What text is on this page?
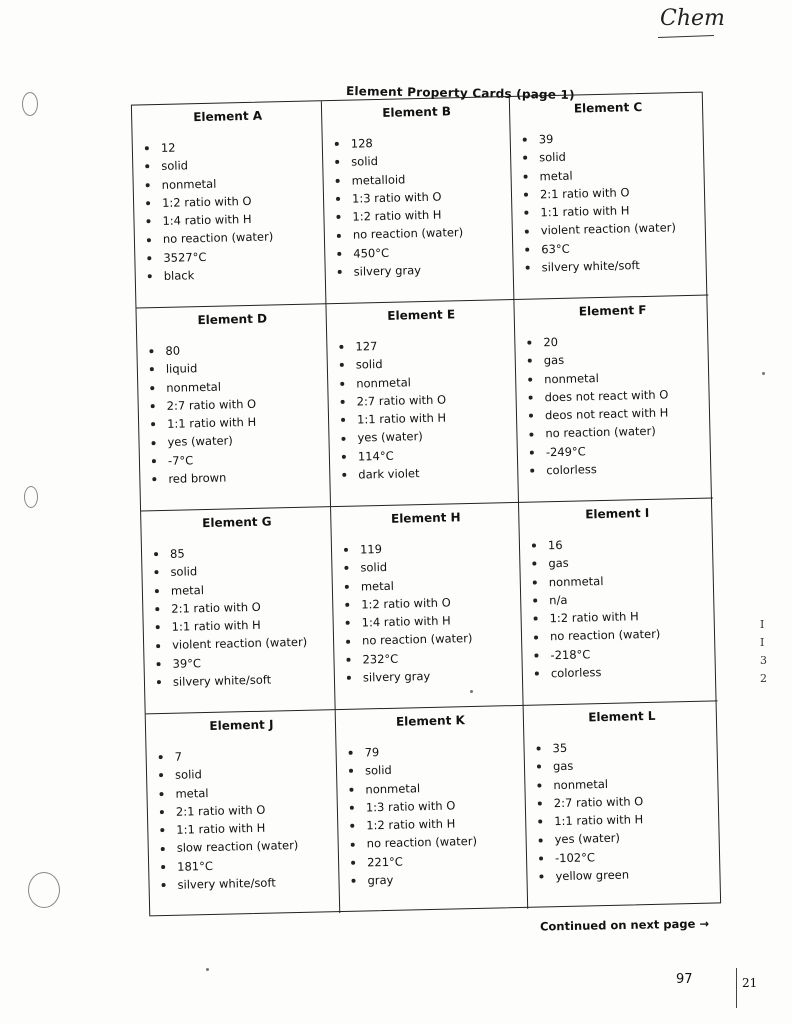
Chem
Element Property Cards (page 1)
Element A
12
solid
nonmetal
1:2 ratio with O
1:4 ratio with H
no reaction (water)
3527°C
black
Element B
128
solid
metalloid
1:3 ratio with O
1:2 ratio with H
no reaction (water)
450°C
silvery gray
Element C
39
solid
metal
2:1 ratio with O
1:1 ratio with H
violent reaction (water)
63°C
silvery white/soft
Element D
80
liquid
nonmetal
2:7 ratio with O
1:1 ratio with H
yes (water)
-7°C
red brown
Element E
127
solid
nonmetal
2:7 ratio with O
1:1 ratio with H
yes (water)
114°C
dark violet
Element F
20
gas
nonmetal
does not react with O
deos not react with H
no reaction (water)
-249°C
colorless
Element G
85
solid
metal
2:1 ratio with O
1:1 ratio with H
violent reaction (water)
39°C
silvery white/soft
Element H
119
solid
metal
1:2 ratio with O
1:4 ratio with H
no reaction (water)
232°C
silvery gray
Element I
16
gas
nonmetal
n/a
1:2 ratio with H
no reaction (water)
-218°C
colorless
Element J
7
solid
metal
2:1 ratio with O
1:1 ratio with H
slow reaction (water)
181°C
silvery white/soft
Element K
79
solid
nonmetal
1:3 ratio with O
1:2 ratio with H
no reaction (water)
221°C
gray
Element L
35
gas
nonmetal
2:7 ratio with O
1:1 ratio with H
yes (water)
-102°C
yellow green
Continued on next page →
97	21
I
I
3
2
